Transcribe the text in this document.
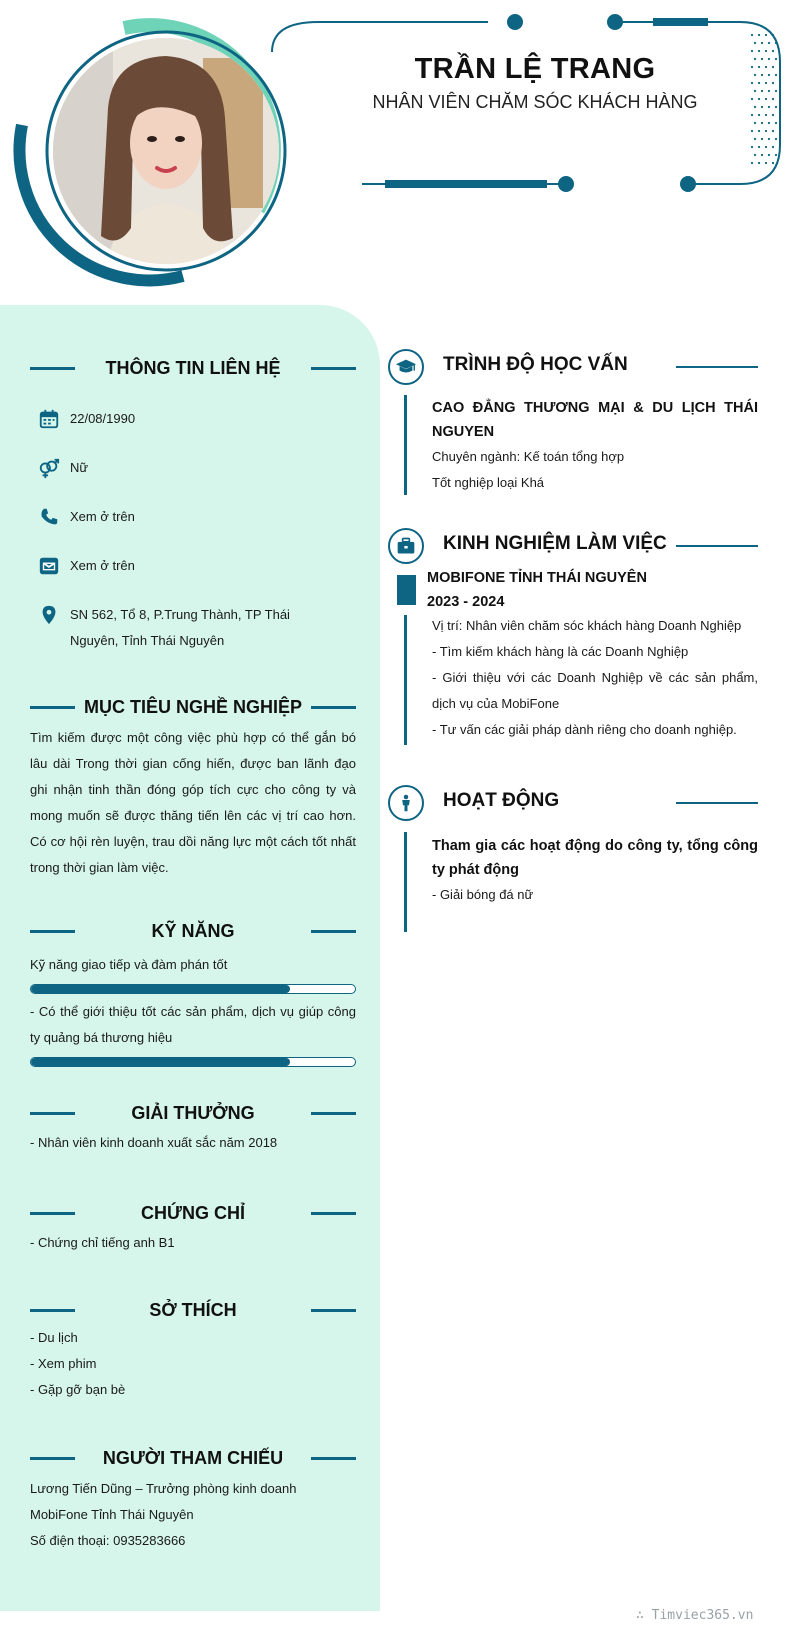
TRẦN LỆ TRANG
NHÂN VIÊN CHĂM SÓC KHÁCH HÀNG
THÔNG TIN LIÊN HỆ
22/08/1990
Nữ
Xem ở trên
Xem ở trên
SN 562, Tổ 8, P.Trung Thành, TP Thái Nguyên, Tỉnh Thái Nguyên
MỤC TIÊU NGHỀ NGHIỆP
Tìm kiếm được một công việc phù hợp có thể gắn bó lâu dài Trong thời gian cống hiến, được ban lãnh đạo ghi nhận tinh thần đóng góp tích cực cho công ty và mong muốn sẽ được thăng tiến lên các vị trí cao hơn. Có cơ hội rèn luyện, trau dồi năng lực một cách tốt nhất trong thời gian làm việc.
KỸ NĂNG
Kỹ năng giao tiếp và đàm phán tốt
- Có thể giới thiệu tốt các sản phẩm, dịch vụ giúp công ty quảng bá thương hiệu
GIẢI THƯỞNG
- Nhân viên kinh doanh xuất sắc năm 2018
CHỨNG CHỈ
- Chứng chỉ tiếng anh B1
SỞ THÍCH
- Du lịch
- Xem phim
- Gặp gỡ bạn bè
NGƯỜI THAM CHIẾU
Lương Tiến Dũng – Trưởng phòng kinh doanh
MobiFone Tỉnh Thái Nguyên
Số điện thoại: 0935283666
TRÌNH ĐỘ HỌC VẤN
CAO ĐẲNG THƯƠNG MẠI & DU LỊCH THÁI NGUYEN
Chuyên ngành: Kế toán tổng hợp
Tốt nghiệp loại Khá
KINH NGHIỆM LÀM VIỆC
MOBIFONE TỈNH THÁI NGUYÊN
2023 - 2024
Vị trí: Nhân viên chăm sóc khách hàng Doanh Nghiệp
- Tìm kiếm khách hàng là các Doanh Nghiệp
- Giới thiệu với các Doanh Nghiệp về các sản phẩm, dịch vụ của MobiFone
- Tư vấn các giải pháp dành riêng cho doanh nghiệp.
HOẠT ĐỘNG
Tham gia các hoạt động do công ty, tổng công ty phát động
- Giải bóng đá nữ
∴ Timviec365.vn
